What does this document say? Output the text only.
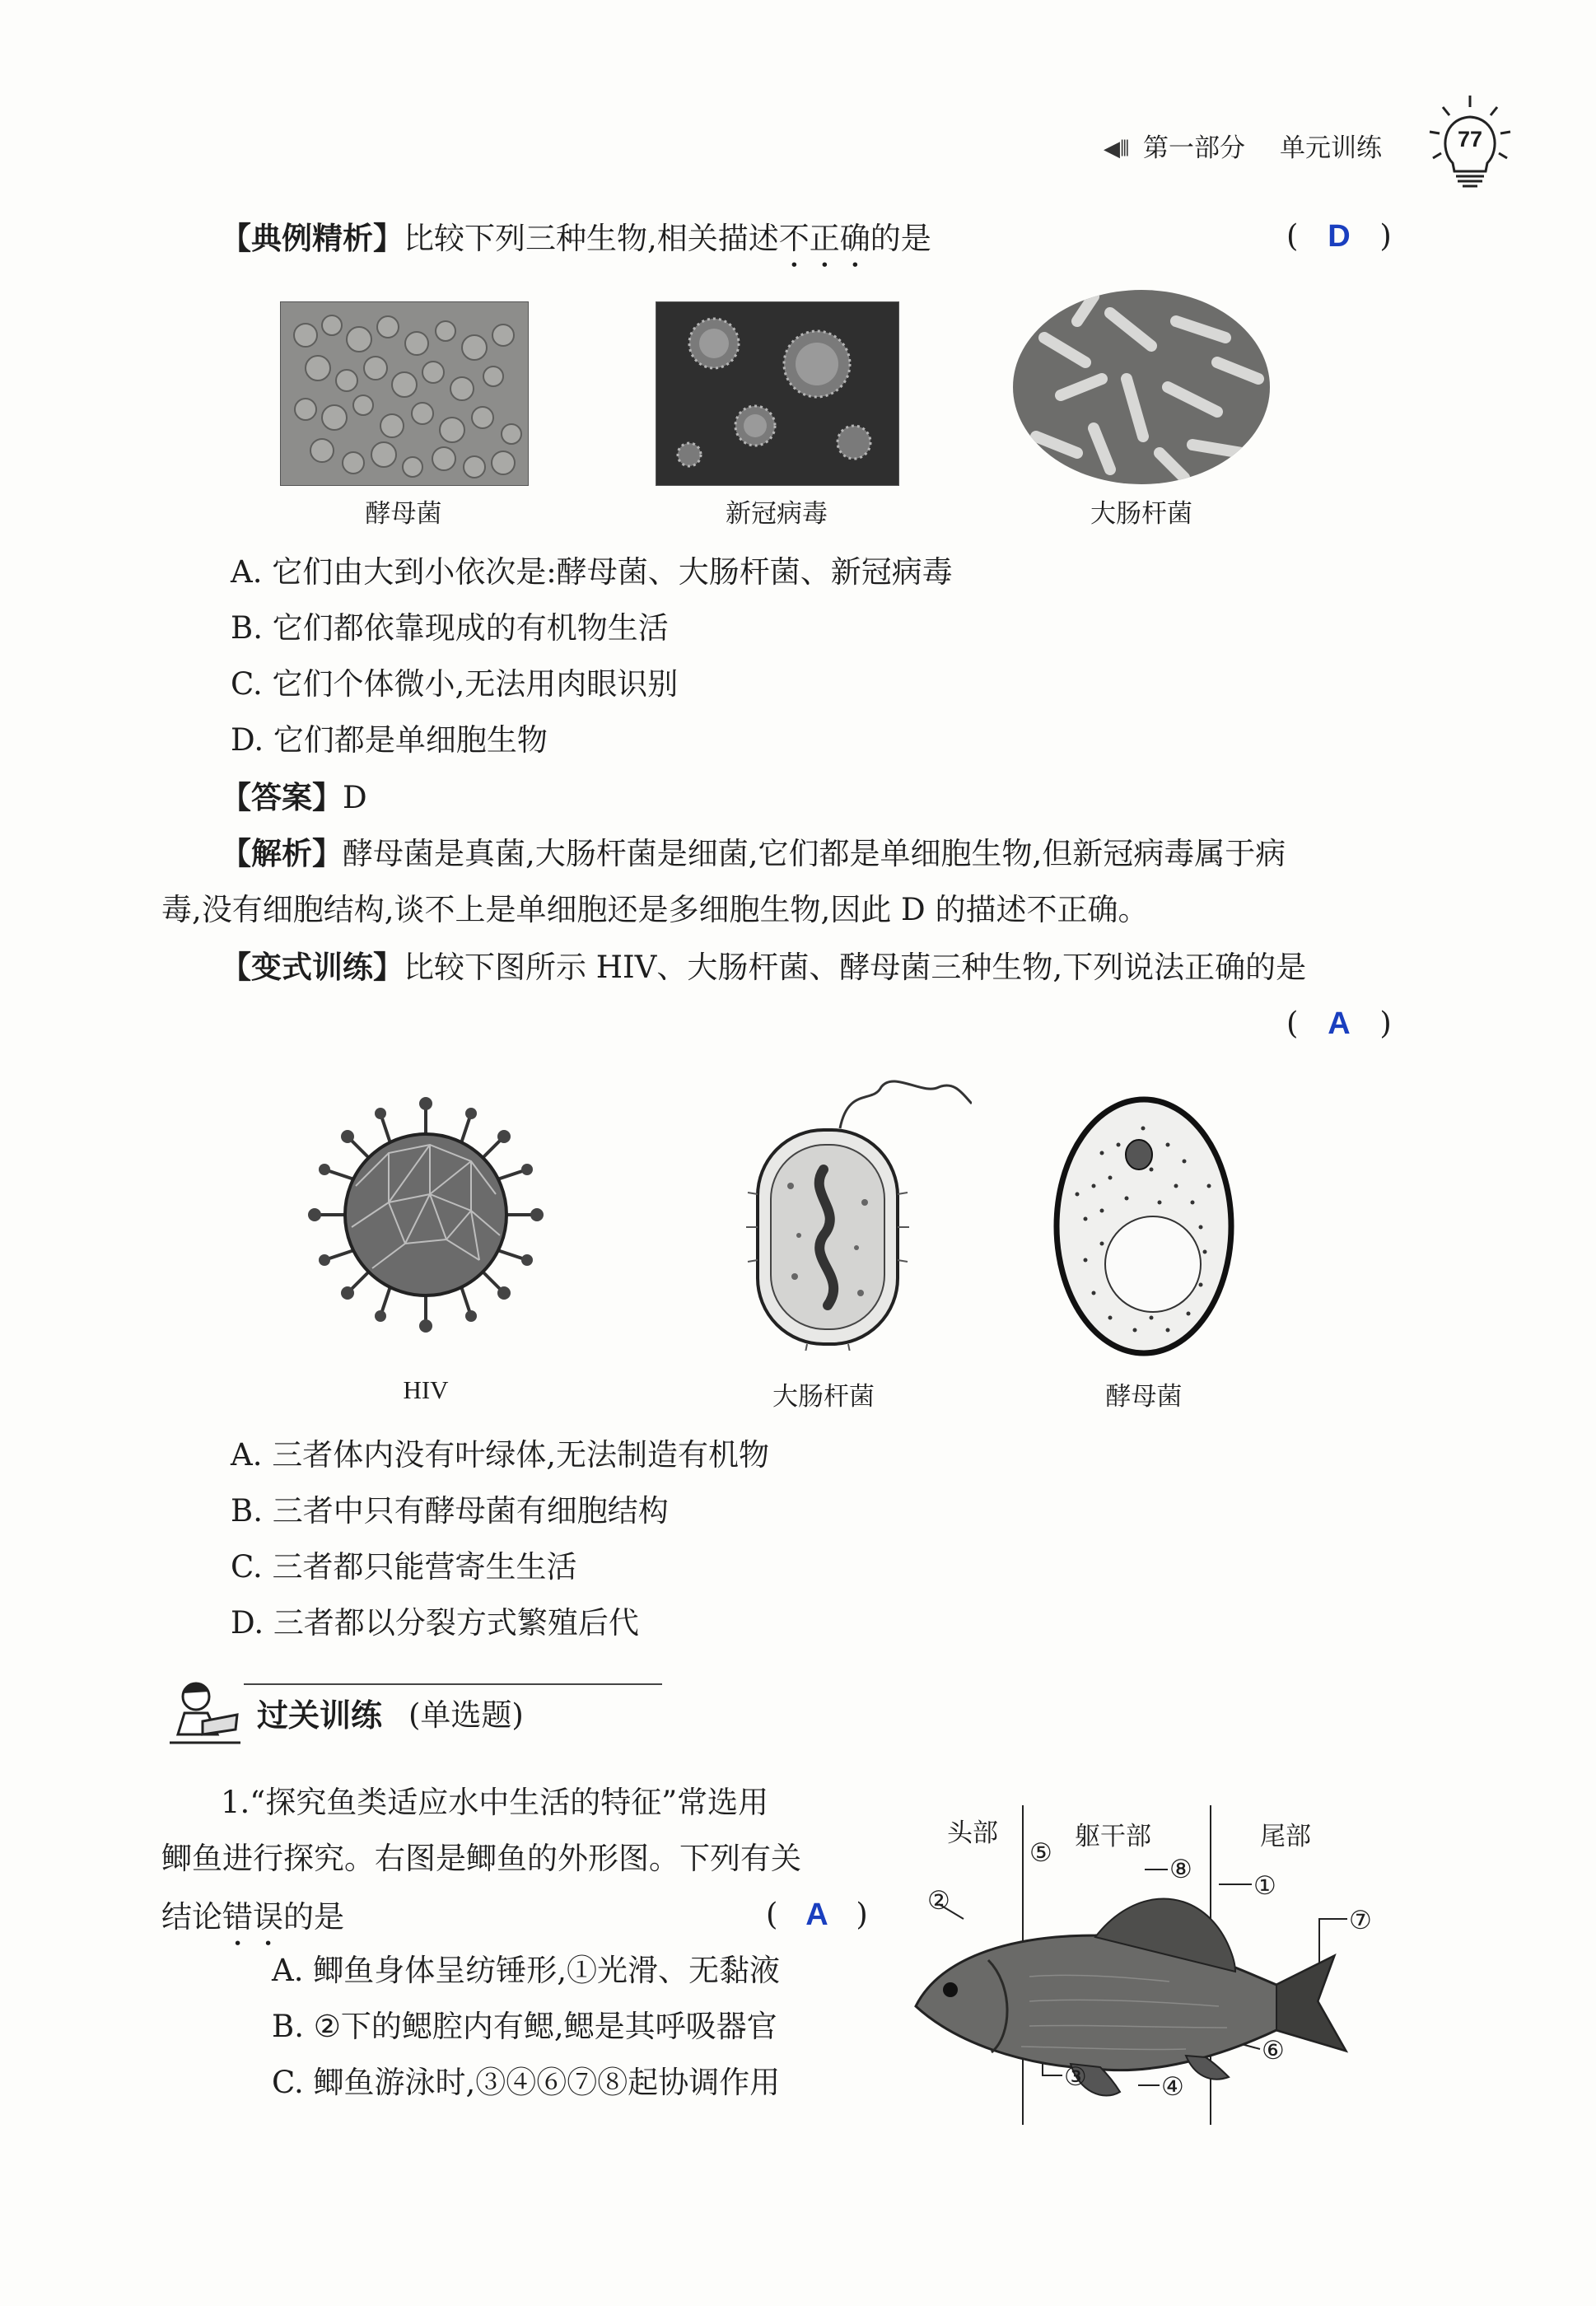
◀⦀ 第一部分 单元训练	77
【典例精析】比较下列三种生物,相关描述不正确的是	( D )
酵母菌	新冠病毒	大肠杆菌
A. 它们由大到小依次是:酵母菌、大肠杆菌、新冠病毒
B. 它们都依靠现成的有机物生活
C. 它们个体微小,无法用肉眼识别
D. 它们都是单细胞生物
【答案】D
【解析】酵母菌是真菌,大肠杆菌是细菌,它们都是单细胞生物,但新冠病毒属于病
毒,没有细胞结构,谈不上是单细胞还是多细胞生物,因此 D 的描述不正确。
【变式训练】比较下图所示 HIV、大肠杆菌、酵母菌三种生物,下列说法正确的是
( A )
HIV	大肠杆菌	酵母菌
A. 三者体内没有叶绿体,无法制造有机物
B. 三者中只有酵母菌有细胞结构
C. 三者都只能营寄生生活
D. 三者都以分裂方式繁殖后代
过关训练 (单选题)
1.“探究鱼类适应水中生活的特征”常选用
鲫鱼进行探究。右图是鲫鱼的外形图。下列有关
结论错误的是	( A )
A. 鲫鱼身体呈纺锤形,①光滑、无黏液
B. ②下的鳃腔内有鳃,鳃是其呼吸器官
C. 鲫鱼游泳时,③④⑥⑦⑧起协调作用
头部	躯干部	尾部
⑤
⑧
①
②
⑦
⑥
③	④
